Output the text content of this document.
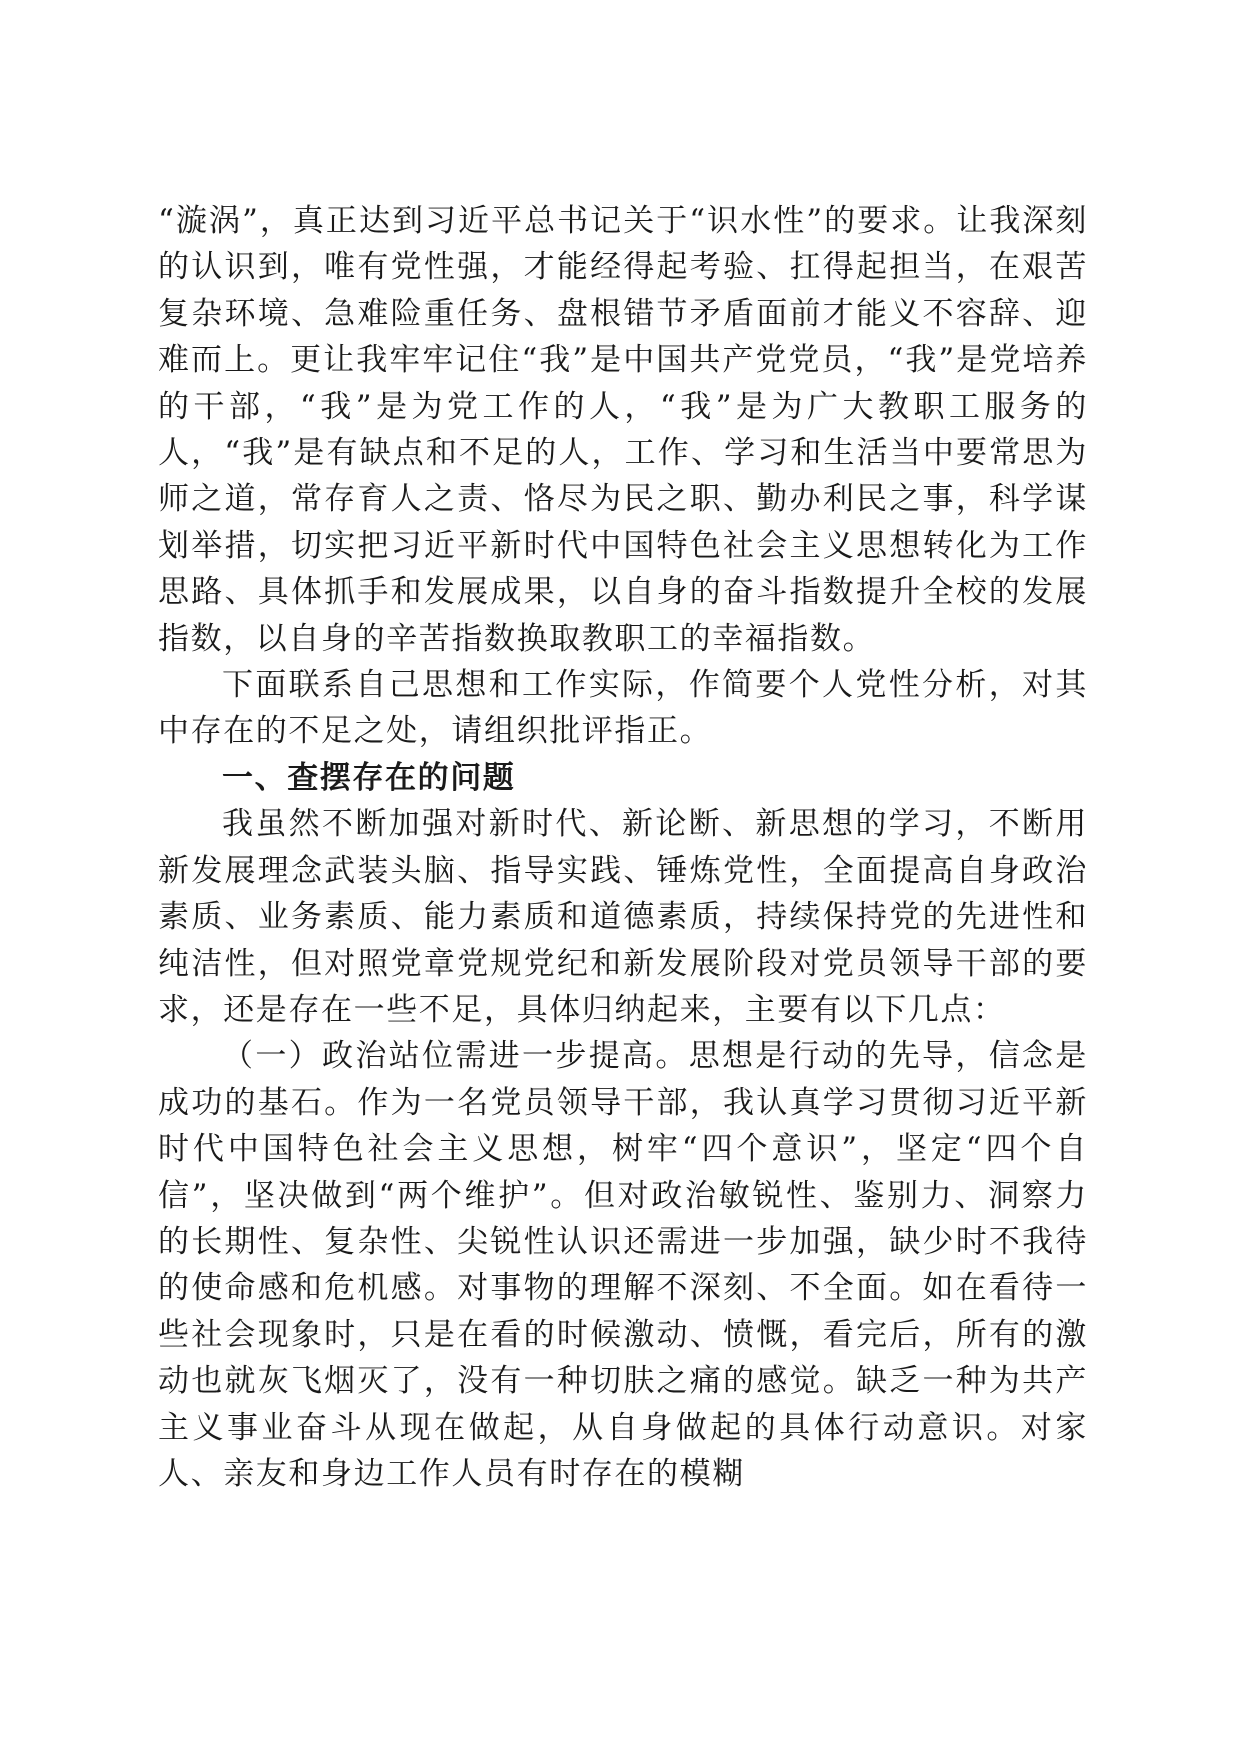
“漩涡”，真正达到习近平总书记关于“识水性”的要求。让我深刻的认识到，唯有党性强，才能经得起考验、扛得起担当，在艰苦复杂环境、急难险重任务、盘根错节矛盾面前才能义不容辞、迎难而上。更让我牢牢记住“我”是中国共产党党员，“我”是党培养的干部，“我”是为党工作的人，“我”是为广大教职工服务的人，“我”是有缺点和不足的人，工作、学习和生活当中要常思为师之道，常存育人之责、恪尽为民之职、勤办利民之事，科学谋划举措，切实把习近平新时代中国特色社会主义思想转化为工作思路、具体抓手和发展成果，以自身的奋斗指数提升全校的发展指数，以自身的辛苦指数换取教职工的幸福指数。

下面联系自己思想和工作实际，作简要个人党性分析，对其中存在的不足之处，请组织批评指正。

一、查摆存在的问题

我虽然不断加强对新时代、新论断、新思想的学习，不断用新发展理念武装头脑、指导实践、锤炼党性，全面提高自身政治素质、业务素质、能力素质和道德素质，持续保持党的先进性和纯洁性，但对照党章党规党纪和新发展阶段对党员领导干部的要求，还是存在一些不足，具体归纳起来，主要有以下几点：

（一）政治站位需进一步提高。思想是行动的先导，信念是成功的基石。作为一名党员领导干部，我认真学习贯彻习近平新时代中国特色社会主义思想，树牢“四个意识”，坚定“四个自信”，坚决做到“两个维护”。但对政治敏锐性、鉴别力、洞察力的长期性、复杂性、尖锐性认识还需进一步加强，缺少时不我待的使命感和危机感。对事物的理解不深刻、不全面。如在看待一些社会现象时，只是在看的时候激动、愤慨，看完后，所有的激动也就灰飞烟灭了，没有一种切肤之痛的感觉。缺乏一种为共产主义事业奋斗从现在做起，从自身做起的具体行动意识。对家人、亲友和身边工作人员有时存在的模糊
